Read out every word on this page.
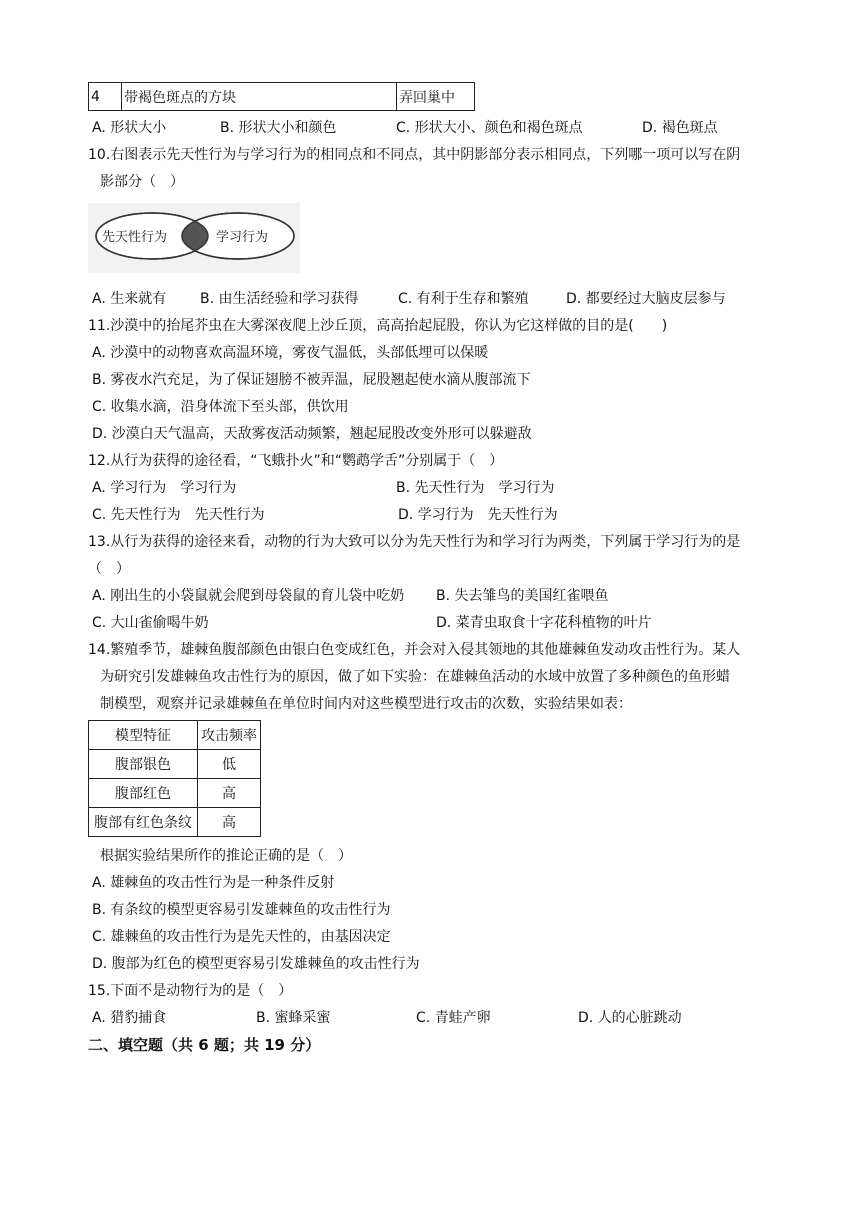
4	带褐色斑点的方块	弄回巢中
A. 形状大小	B. 形状大小和颜色	C. 形状大小、颜色和褐色斑点	D. 褐色斑点
10.右图表示先天性行为与学习行为的相同点和不同点，其中阴影部分表示相同点，下列哪一项可以写在阴
影部分（　）
先天性行为	学习行为
A. 生来就有 B. 由生活经验和学习获得	C. 有利于生存和繁殖	D. 都要经过大脑皮层参与
11.沙漠中的抬尾芥虫在大雾深夜爬上沙丘顶，高高抬起屁股，你认为它这样做的目的是(　　)
A. 沙漠中的动物喜欢高温环境，雾夜气温低，头部低埋可以保暖
B. 雾夜水汽充足，为了保证翅膀不被弄温，屁股翘起使水滴从腹部流下
C. 收集水滴，沿身体流下至头部，供饮用
D. 沙漠白天气温高，天敌雾夜活动频繁，翘起屁股改变外形可以躲避敌
12.从行为获得的途径看，“飞蛾扑火”和“鹦鹉学舌”分别属于（　）
A. 学习行为　学习行为	B. 先天性行为　学习行为
C. 先天性行为　先天性行为	D. 学习行为　先天性行为
13.从行为获得的途径来看，动物的行为大致可以分为先天性行为和学习行为两类，下列属于学习行为的是
（　）
A. 刚出生的小袋鼠就会爬到母袋鼠的育儿袋中吃奶 B. 失去雏鸟的美国红雀喂鱼
C. 大山雀偷喝牛奶	D. 菜青虫取食十字花科植物的叶片
14.繁殖季节，雄棘鱼腹部颜色由银白色变成红色，并会对入侵其领地的其他雄棘鱼发动攻击性行为。某人
为研究引发雄棘鱼攻击性行为的原因，做了如下实验：在雄棘鱼活动的水域中放置了多种颜色的鱼形蜡
制模型，观察并记录雄棘鱼在单位时间内对这些模型进行攻击的次数，实验结果如表：
模型特征	攻击频率
腹部银色	低
腹部红色	高
腹部有红色条纹	高
根据实验结果所作的推论正确的是（　）
A. 雄棘鱼的攻击性行为是一种条件反射
B. 有条纹的模型更容易引发雄棘鱼的攻击性行为
C. 雄棘鱼的攻击性行为是先天性的，由基因决定
D. 腹部为红色的模型更容易引发雄棘鱼的攻击性行为
15.下面不是动物行为的是（　）
A. 猎豹捕食	B. 蜜蜂采蜜	C. 青蛙产卵	D. 人的心脏跳动
二、填空题（共 6 题；共 19 分）
